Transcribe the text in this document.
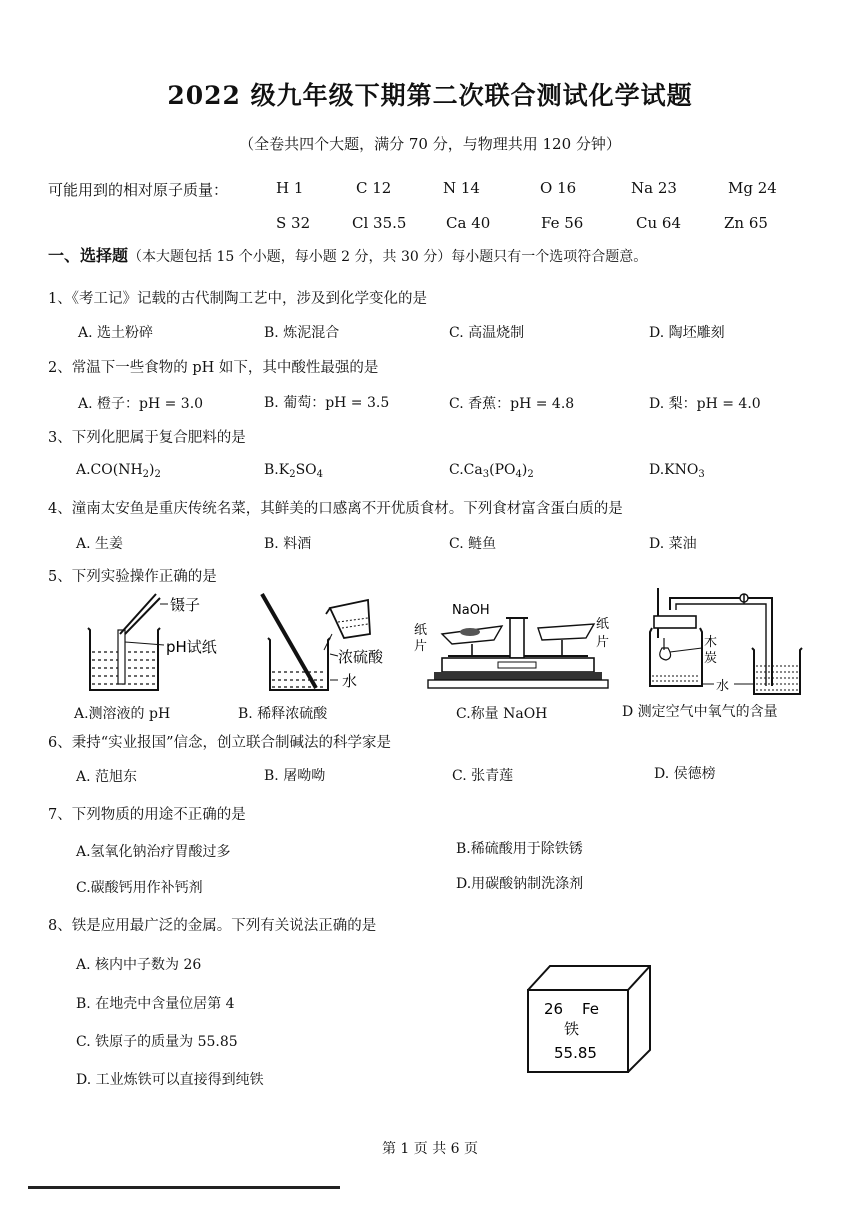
2022 级九年级下期第二次联合测试化学试题
（全卷共四个大题，满分 70 分，与物理共用 120 分钟）
可能用到的相对原子质量：	H 1	C 12	N 14	O 16	Na 23	Mg 24
S 32	Cl 35.5	Ca 40	Fe 56	Cu 64	Zn 65
一、选择题（本大题包括 15 个小题，每小题 2 分，共 30 分）每小题只有一个选项符合题意。
1、《考工记》记载的古代制陶工艺中，涉及到化学变化的是
A. 选土粉碎	B. 炼泥混合	C. 高温烧制	D. 陶坯雕刻
2、常温下一些食物的 pH 如下，其中酸性最强的是
A. 橙子：pH = 3.0	B. 葡萄：pH = 3.5	C. 香蕉：pH = 4.8	D. 梨：pH = 4.0
3、下列化肥属于复合肥料的是
$A.CO(NH_2)_2$	$B.K_2SO_4$	$C.Ca_3(PO_4)_2$	$D.KNO_3$
4、潼南太安鱼是重庆传统名菜，其鲜美的口感离不开优质食材。下列食材富含蛋白质的是
A. 生姜	B. 料酒	C. 鲢鱼	D. 菜油
5、下列实验操作正确的是
镊子
pH试纸
A.测溶液的 pH
浓硫酸
水
B. 稀释浓硫酸
NaOH
纸
片
纸
片
C.称量 NaOH
木
炭
水
D 测定空气中氧气的含量
6、秉持“实业报国”信念，创立联合制碱法的科学家是
A. 范旭东	B. 屠呦呦	C. 张青莲	D. 侯德榜
7、下列物质的用途不正确的是
A.氢氧化钠治疗胃酸过多	B.稀硫酸用于除铁锈
C.碳酸钙用作补钙剂	D.用碳酸钠制洗涤剂
8、铁是应用最广泛的金属。下列有关说法正确的是
A. 核内中子数为 26
B. 在地壳中含量位居第 4
C. 铁原子的质量为 55.85
D. 工业炼铁可以直接得到纯铁
26 Fe
铁
55.85
第 1 页 共 6 页
